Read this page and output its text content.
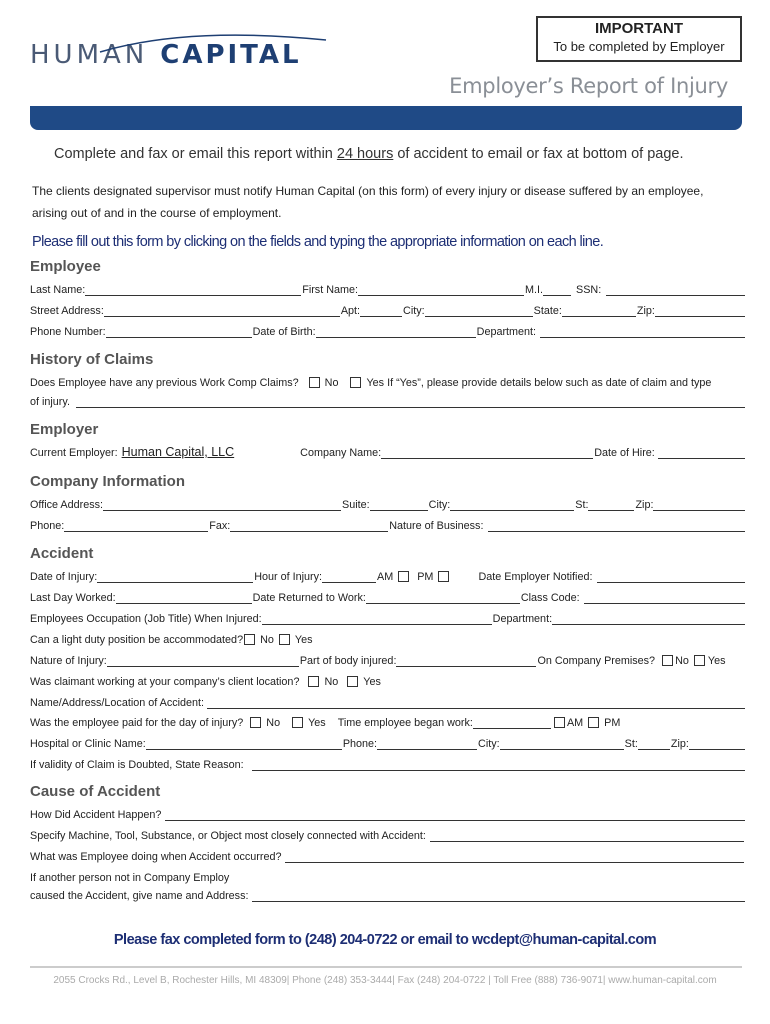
HUMAN CAPITAL
IMPORTANT
To be completed by Employer
Employer’s Report of Injury
Complete and fax or email this report within 24 hours of accident to email or fax at bottom of page.
The clients designated supervisor must notify Human Capital (on this form) of every injury or disease suffered by an employee,
arising out of and in the course of employment.
Please fill out this form by clicking on the fields and typing the appropriate information on each line.
Employee
Last Name:	First Name:	M.I.	SSN:
Street Address:	Apt:	City:	State:	Zip:
Phone Number:	Date of Birth:	Department:
History of Claims
Does Employee have any previous Work Comp Claims? No	Yes If “Yes”, please provide details below such as date of claim and type
of injury.
Employer
Current Employer: Human Capital, LLC	Company Name:	Date of Hire:
Company Information
Office Address:	Suite:	City:	St:	Zip:
Phone:	Fax:	Nature of Business:
Accident
Date of Injury:	Hour of Injury:	AM PM	Date Employer Notified:
Last Day Worked:	Date Returned to Work:	Class Code:
Employees Occupation (Job Title) When Injured:	Department:
Can a light duty position be accommodated? No Yes
Nature of Injury:	Part of body injured:	On Company Premises? No Yes
Was claimant working at your company’s client location? No Yes
Name/Address/Location of Accident:
Was the employee paid for the day of injury? No	Yes Time employee began work:	AM PM
Hospital or Clinic Name:	Phone:	City:	St:	Zip:
If validity of Claim is Doubted, State Reason:
Cause of Accident
How Did Accident Happen?
Specify Machine, Tool, Substance, or Object most closely connected with Accident:
What was Employee doing when Accident occurred?
If another person not in Company Employ
caused the Accident, give name and Address:
Please fax completed form to (248) 204-0722 or email to wcdept@human-capital.com
2055 Crocks Rd., Level B, Rochester Hills, MI 48309| Phone (248) 353-3444| Fax (248) 204-0722 | Toll Free (888) 736-9071| www.human-capital.com
